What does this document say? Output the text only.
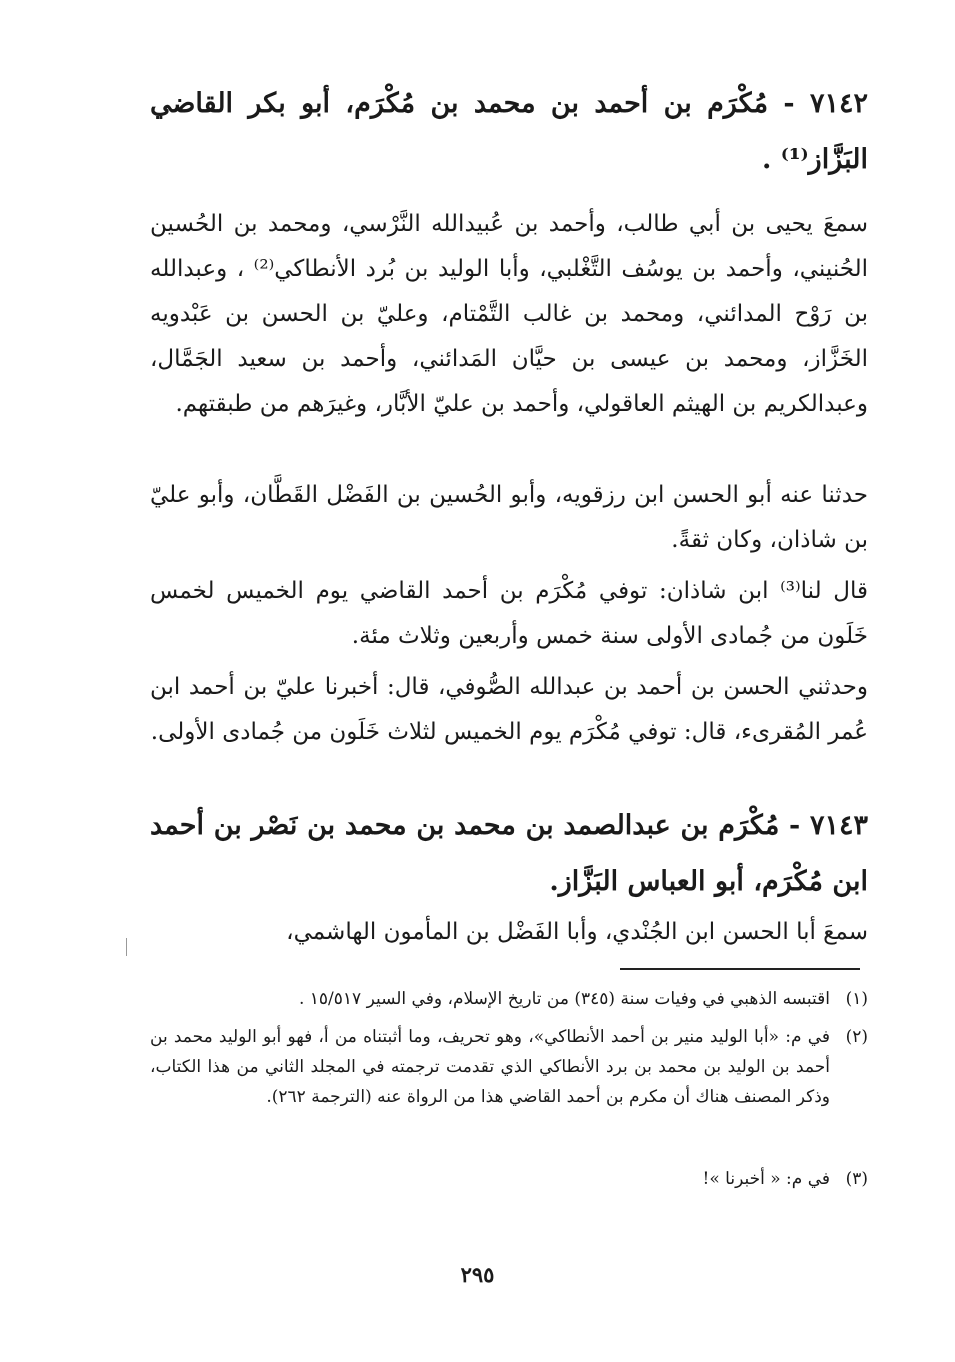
٧١٤٢ - مُكْرَم بن أحمد بن محمد بن مُكْرَم، أبو بكر القاضي البَزَّاز⁽¹⁾ .
سمعَ يحيى بن أبي طالب، وأحمد بن عُبيدالله النَّرْسي، ومحمد بن الحُسين الحُنيني، وأحمد بن يوسُف التَّغْلبي، وأبا الوليد بن بُرد الأنطاكي⁽²⁾ ، وعبدالله بن رَوْح المدائني، ومحمد بن غالب التَّمْتام، وعليّ بن الحسن بن عَبْدويه الخَزَّاز، ومحمد بن عيسى بن حيَّان المَدائني، وأحمد بن سعيد الجَمَّال، وعبدالكريم بن الهيثم العاقولي، وأحمد بن عليّ الأبَّار، وغيرَهم من طبقتهم.
حدثنا عنه أبو الحسن ابن رزقويه، وأبو الحُسين بن الفَضْل القَطَّان، وأبو عليّ بن شاذان، وكان ثقةً.
قال لنا⁽³⁾ ابن شاذان: توفي مُكْرَم بن أحمد القاضي يوم الخميس لخمس خَلَون من جُمادى الأولى سنة خمس وأربعين وثلاث مئة.
وحدثني الحسن بن أحمد بن عبدالله الصُّوفي، قال: أخبرنا عليّ بن أحمد ابن عُمر المُقرىء، قال: توفي مُكْرَم يوم الخميس لثلاث خَلَون من جُمادى الأولى.
٧١٤٣ - مُكْرَم بن عبدالصمد بن محمد بن محمد بن نَصْر بن أحمد ابن مُكْرَم، أبو العباس البَزَّاز.
سمعَ أبا الحسن ابن الجُنْدي، وأبا الفَضْل بن المأمون الهاشمي،
(١)
اقتبسه الذهبي في وفيات سنة (٣٤٥) من تاريخ الإسلام، وفي السير ١٥/٥١٧ .
(٢)
في م: «أبا الوليد منير بن أحمد الأنطاكي»، وهو تحريف، وما أثبتناه من أ، فهو أبو الوليد محمد بن أحمد بن الوليد بن محمد بن برد الأنطاكي الذي تقدمت ترجمته في المجلد الثاني من هذا الكتاب، وذكر المصنف هناك أن مكرم بن أحمد القاضي هذا من الرواة عنه (الترجمة ٢٦٢).
(٣)
في م: « أخبرنا »!
٢٩٥
